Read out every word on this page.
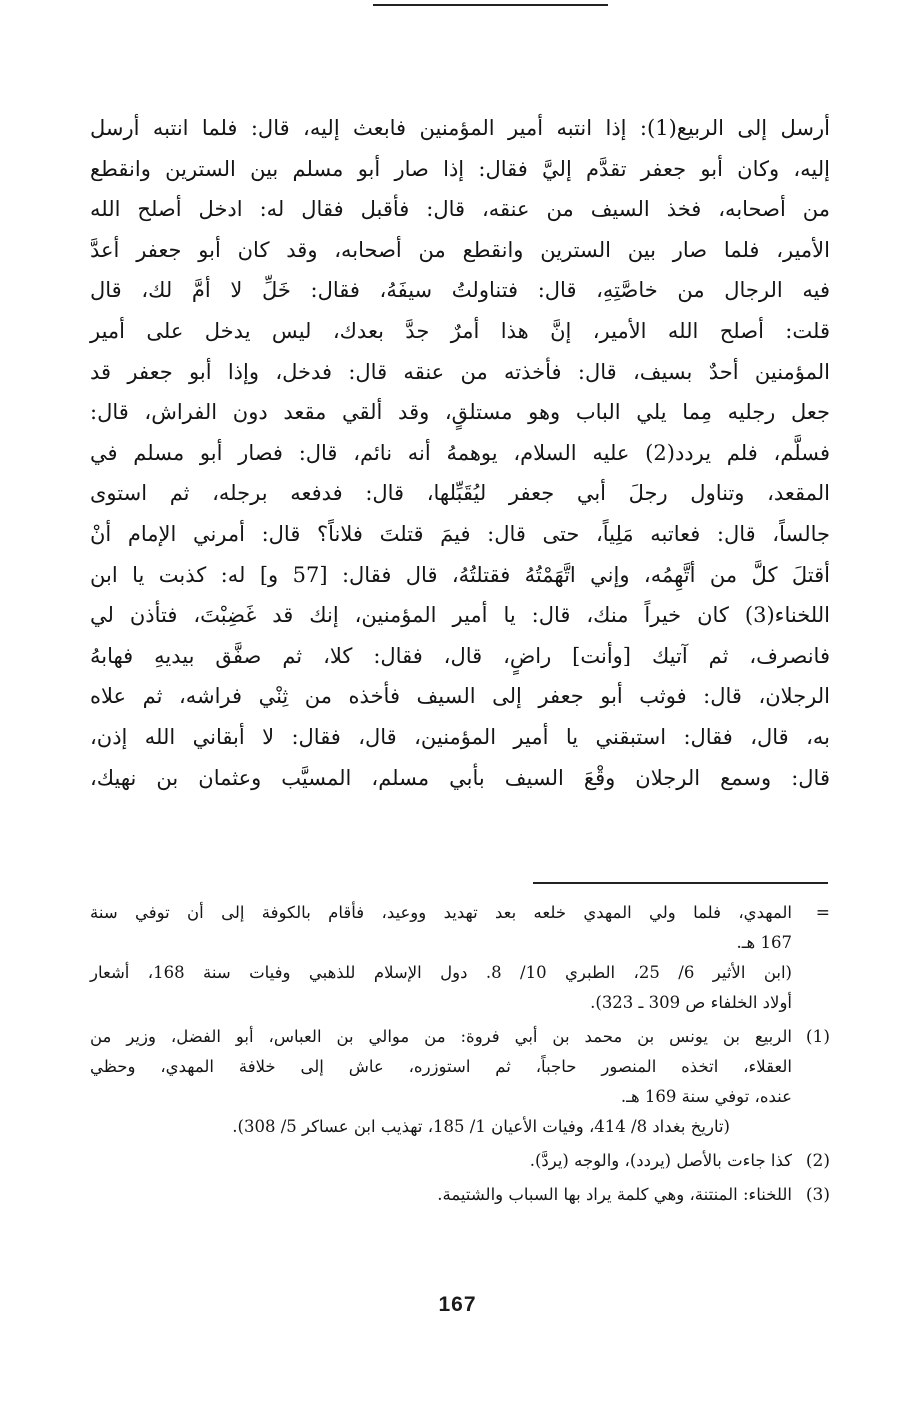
أرسل إلى الربيع(1): إذا انتبه أمير المؤمنين فابعث إليه، قال: فلما انتبه أرسل
إليه، وكان أبو جعفر تقدَّم إليَّ فقال: إذا صار أبو مسلم بين السترين وانقطع
من أصحابه، فخذ السيف من عنقه، قال: فأقبل فقال له: ادخل أصلح الله
الأمير، فلما صار بين السترين وانقطع من أصحابه، وقد كان أبو جعفر أعدَّ
فيه الرجال من خاصَّتِهِ، قال: فتناولتُ سيفَهُ، فقال: خَلِّ لا أمَّ لك، قال
قلت: أصلح الله الأمير، إنَّ هذا أمرٌ جدَّ بعدك، ليس يدخل على أمير
المؤمنين أحدٌ بسيف، قال: فأخذته من عنقه قال: فدخل، وإذا أبو جعفر قد
جعل رجليه مِما يلي الباب وهو مستلقٍ، وقد ألقي مقعد دون الفراش، قال:
فسلَّم، فلم يردد(2) عليه السلام، يوهمهُ أنه نائم، قال: فصار أبو مسلم في
المقعد، وتناول رجلَ أبي جعفر ليُقَبِّلها، قال: فدفعه برجله، ثم استوى
جالساً، قال: فعاتبه مَلِياً، حتى قال: فيمَ قتلتَ فلاناً؟ قال: أمرني الإمام أنْ
أقتلَ كلَّ من أتَّهِمُه، وإني اتَّهَمْتُهُ فقتلتُهُ، قال فقال: [57 و] له: كذبت يا ابن
اللخناء(3) كان خيراً منك، قال: يا أمير المؤمنين، إنك قد غَضِبْتَ، فتأذن لي
فانصرف، ثم آتيك [وأنت] راضٍ، قال، فقال: كلا، ثم صفَّق بيديهِ فهابهُ
الرجلان، قال: فوثب أبو جعفر إلى السيف فأخذه من ثِنْي فراشه، ثم علاه
به، قال، فقال: استبقني يا أمير المؤمنين، قال، فقال: لا أبقاني الله إذن،
قال: وسمع الرجلان وقْعَ السيف بأبي مسلم، المسيَّب وعثمان بن نهيك،
=
المهدي، فلما ولي المهدي خلعه بعد تهديد ووعيد، فأقام بالكوفة إلى أن توفي سنة
167 هـ.
(ابن الأثير 6/ 25، الطبري 10/ 8. دول الإسلام للذهبي وفيات سنة 168، أشعار
أولاد الخلفاء ص 309 ـ 323).
(1)
الربيع بن يونس بن محمد بن أبي فروة: من موالي بن العباس، أبو الفضل، وزير من
العقلاء، اتخذه المنصور حاجباً، ثم استوزره، عاش إلى خلافة المهدي، وحظي
عنده، توفي سنة 169 هـ.
(تاريخ بغداد 8/ 414، وفيات الأعيان 1/ 185، تهذيب ابن عساكر 5/ 308).
(2)
كذا جاءت بالأصل (يردد)، والوجه (يردَّ).
(3)
اللخناء: المنتنة، وهي كلمة يراد بها السباب والشتيمة.
167
